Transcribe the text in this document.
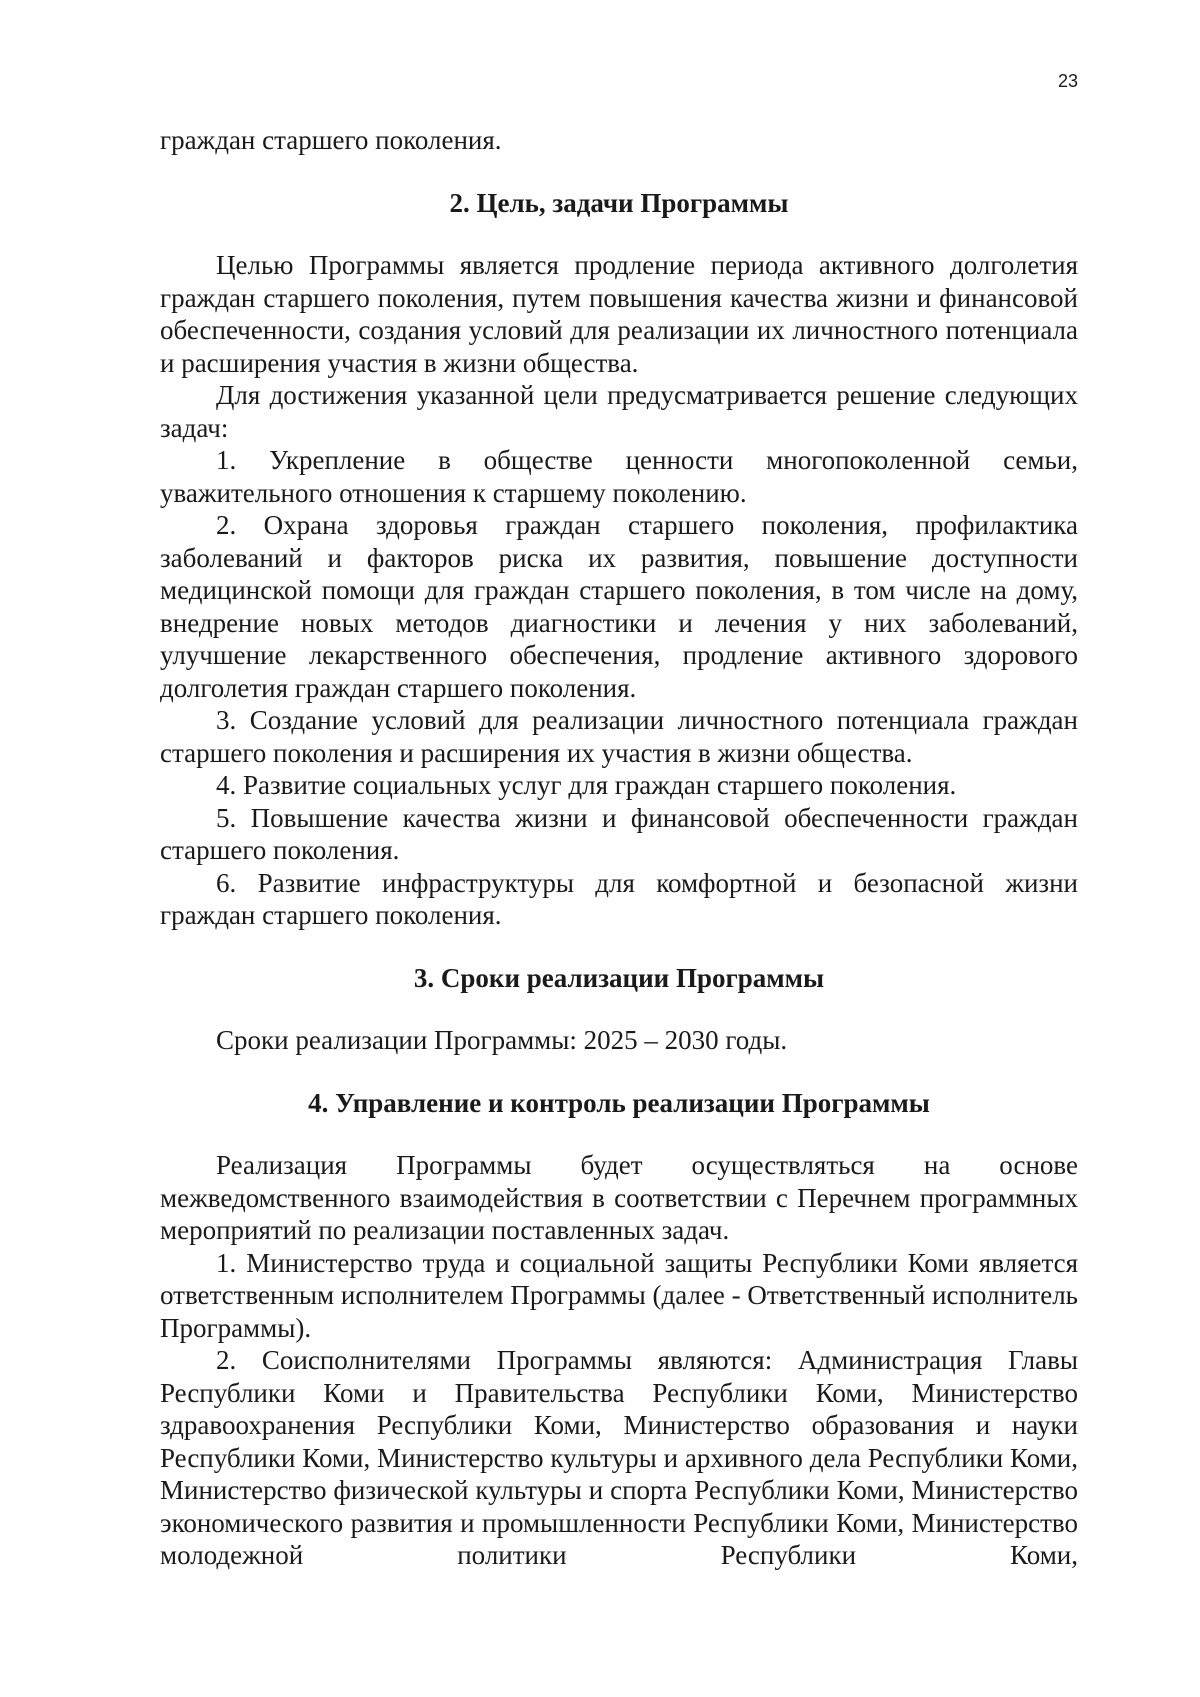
23

граждан старшего поколения.

2. Цель, задачи Программы

Целью Программы является продление периода активного долголетия граждан старшего поколения, путем повышения качества жизни и финансовой обеспеченности, создания условий для реализации их личностного потенциала и расширения участия в жизни общества.

Для достижения указанной цели предусматривается решение следующих задач:

1. Укрепление в обществе ценности многопоколенной семьи, уважительного отношения к старшему поколению.

2. Охрана здоровья граждан старшего поколения, профилактика заболеваний и факторов риска их развития, повышение доступности медицинской помощи для граждан старшего поколения, в том числе на дому, внедрение новых методов диагностики и лечения у них заболеваний, улучшение лекарственного обеспечения, продление активного здорового долголетия граждан старшего поколения.

3. Создание условий для реализации личностного потенциала граждан старшего поколения и расширения их участия в жизни общества.

4. Развитие социальных услуг для граждан старшего поколения.

5. Повышение качества жизни и финансовой обеспеченности граждан старшего поколения.

6. Развитие инфраструктуры для комфортной и безопасной жизни граждан старшего поколения.

3. Сроки реализации Программы

Сроки реализации Программы: 2025 – 2030 годы.

4. Управление и контроль реализации Программы

Реализация Программы будет осуществляться на основе межведомственного взаимодействия в соответствии с Перечнем программных мероприятий по реализации поставленных задач.

1. Министерство труда и социальной защиты Республики Коми является ответственным исполнителем Программы (далее - Ответственный исполнитель Программы).

2. Соисполнителями Программы являются: Администрация Главы Республики Коми и Правительства Республики Коми, Министерство здравоохранения Республики Коми, Министерство образования и науки Республики Коми, Министерство культуры и архивного дела Республики Коми, Министерство физической культуры и спорта Республики Коми, Министерство экономического развития и промышленности Республики Коми, Министерство молодежной политики Республики Коми,
